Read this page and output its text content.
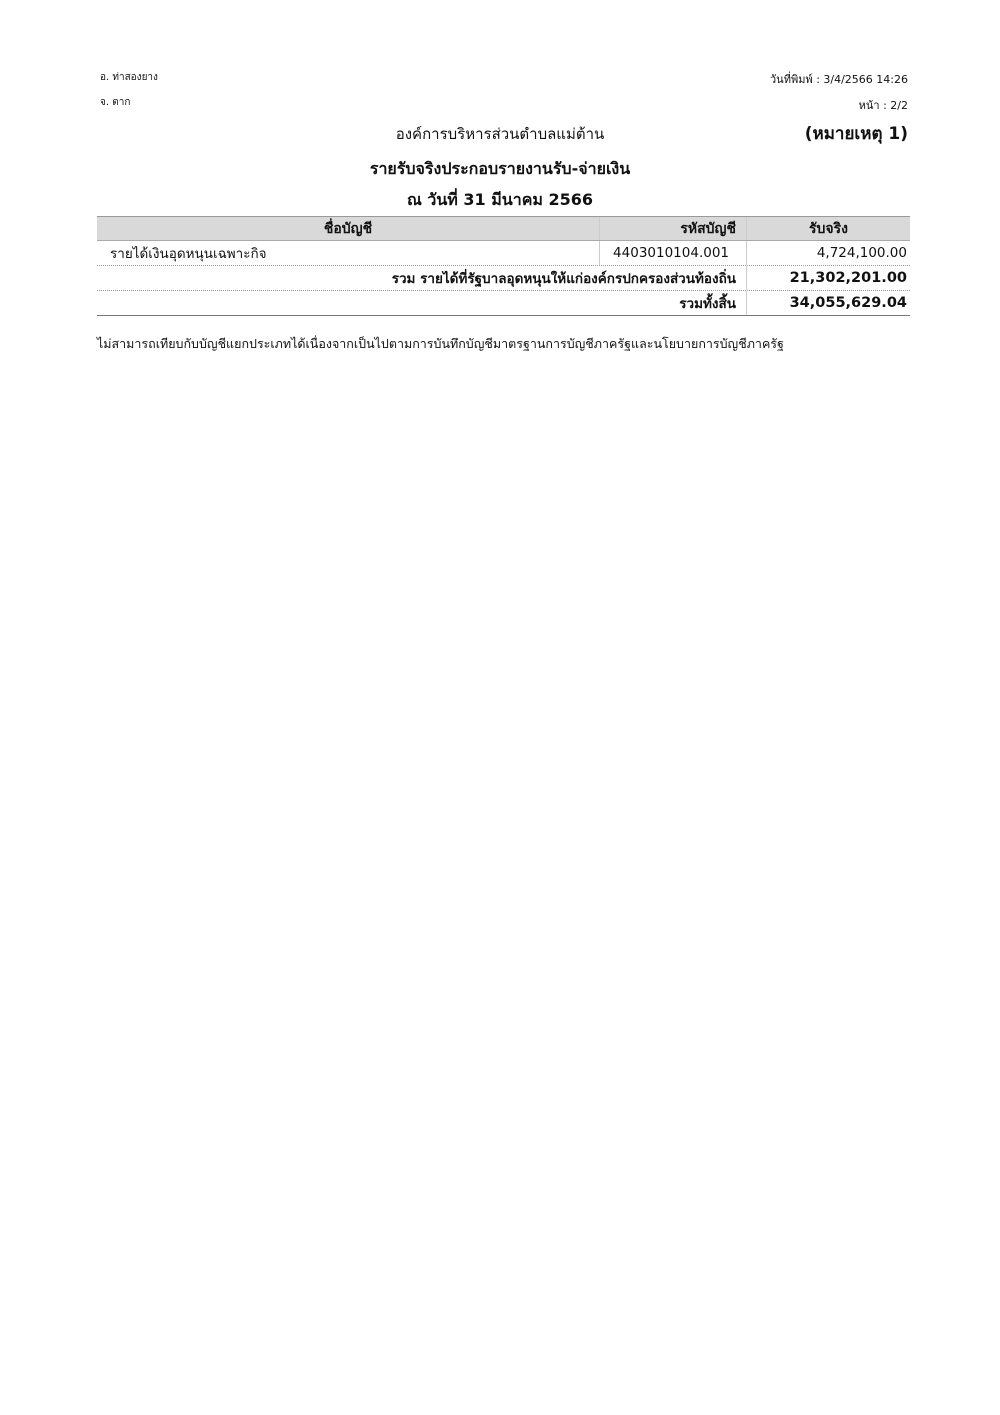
อ. ท่าสองยาง
จ. ตาก
วันที่พิมพ์ : 3/4/2566 14:26
หน้า : 2/2
องค์การบริหารส่วนตำบลแม่ต้าน	(หมายเหตุ 1)
รายรับจริงประกอบรายงานรับ-จ่ายเงิน
ณ วันที่ 31 มีนาคม 2566
ชื่อบัญชี	รหัสบัญชี	รับจริง
รายได้เงินอุดหนุนเฉพาะกิจ	4403010104.001	4,724,100.00
รวม รายได้ที่รัฐบาลอุดหนุนให้แก่องค์กรปกครองส่วนท้องถิ่น	21,302,201.00
รวมทั้งสิ้น	34,055,629.04
ไม่สามารถเทียบกับบัญชีแยกประเภทได้เนื่องจากเป็นไปตามการบันทึกบัญชีมาตรฐานการบัญชีภาครัฐและนโยบายการบัญชีภาครัฐ
